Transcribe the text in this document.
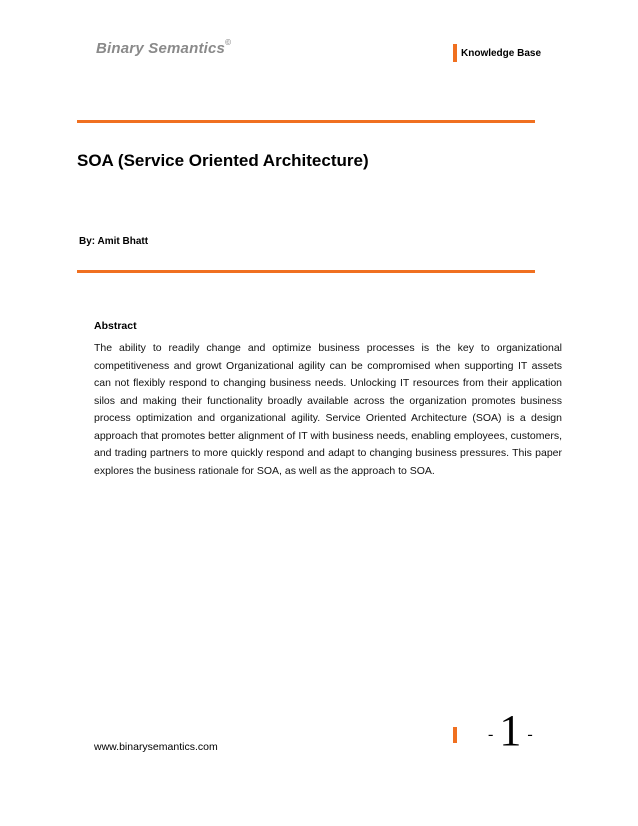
Binary Semantics©
Knowledge Base
SOA (Service Oriented Architecture)
By: Amit Bhatt
Abstract
The ability to readily change and optimize business processes is the key to organizational competitiveness and growt Organizational agility can be compromised when supporting IT assets can not flexibly respond to changing business needs. Unlocking IT resources from their application silos and making their functionality broadly available across the organization promotes business process optimization and organizational agility. Service Oriented Architecture (SOA) is a design approach that promotes better alignment of IT with business needs, enabling employees, customers, and trading partners to more quickly respond and adapt to changing business pressures. This paper explores the business rationale for SOA, as well as the approach to SOA.
www.binarysemantics.com
- 1 -
